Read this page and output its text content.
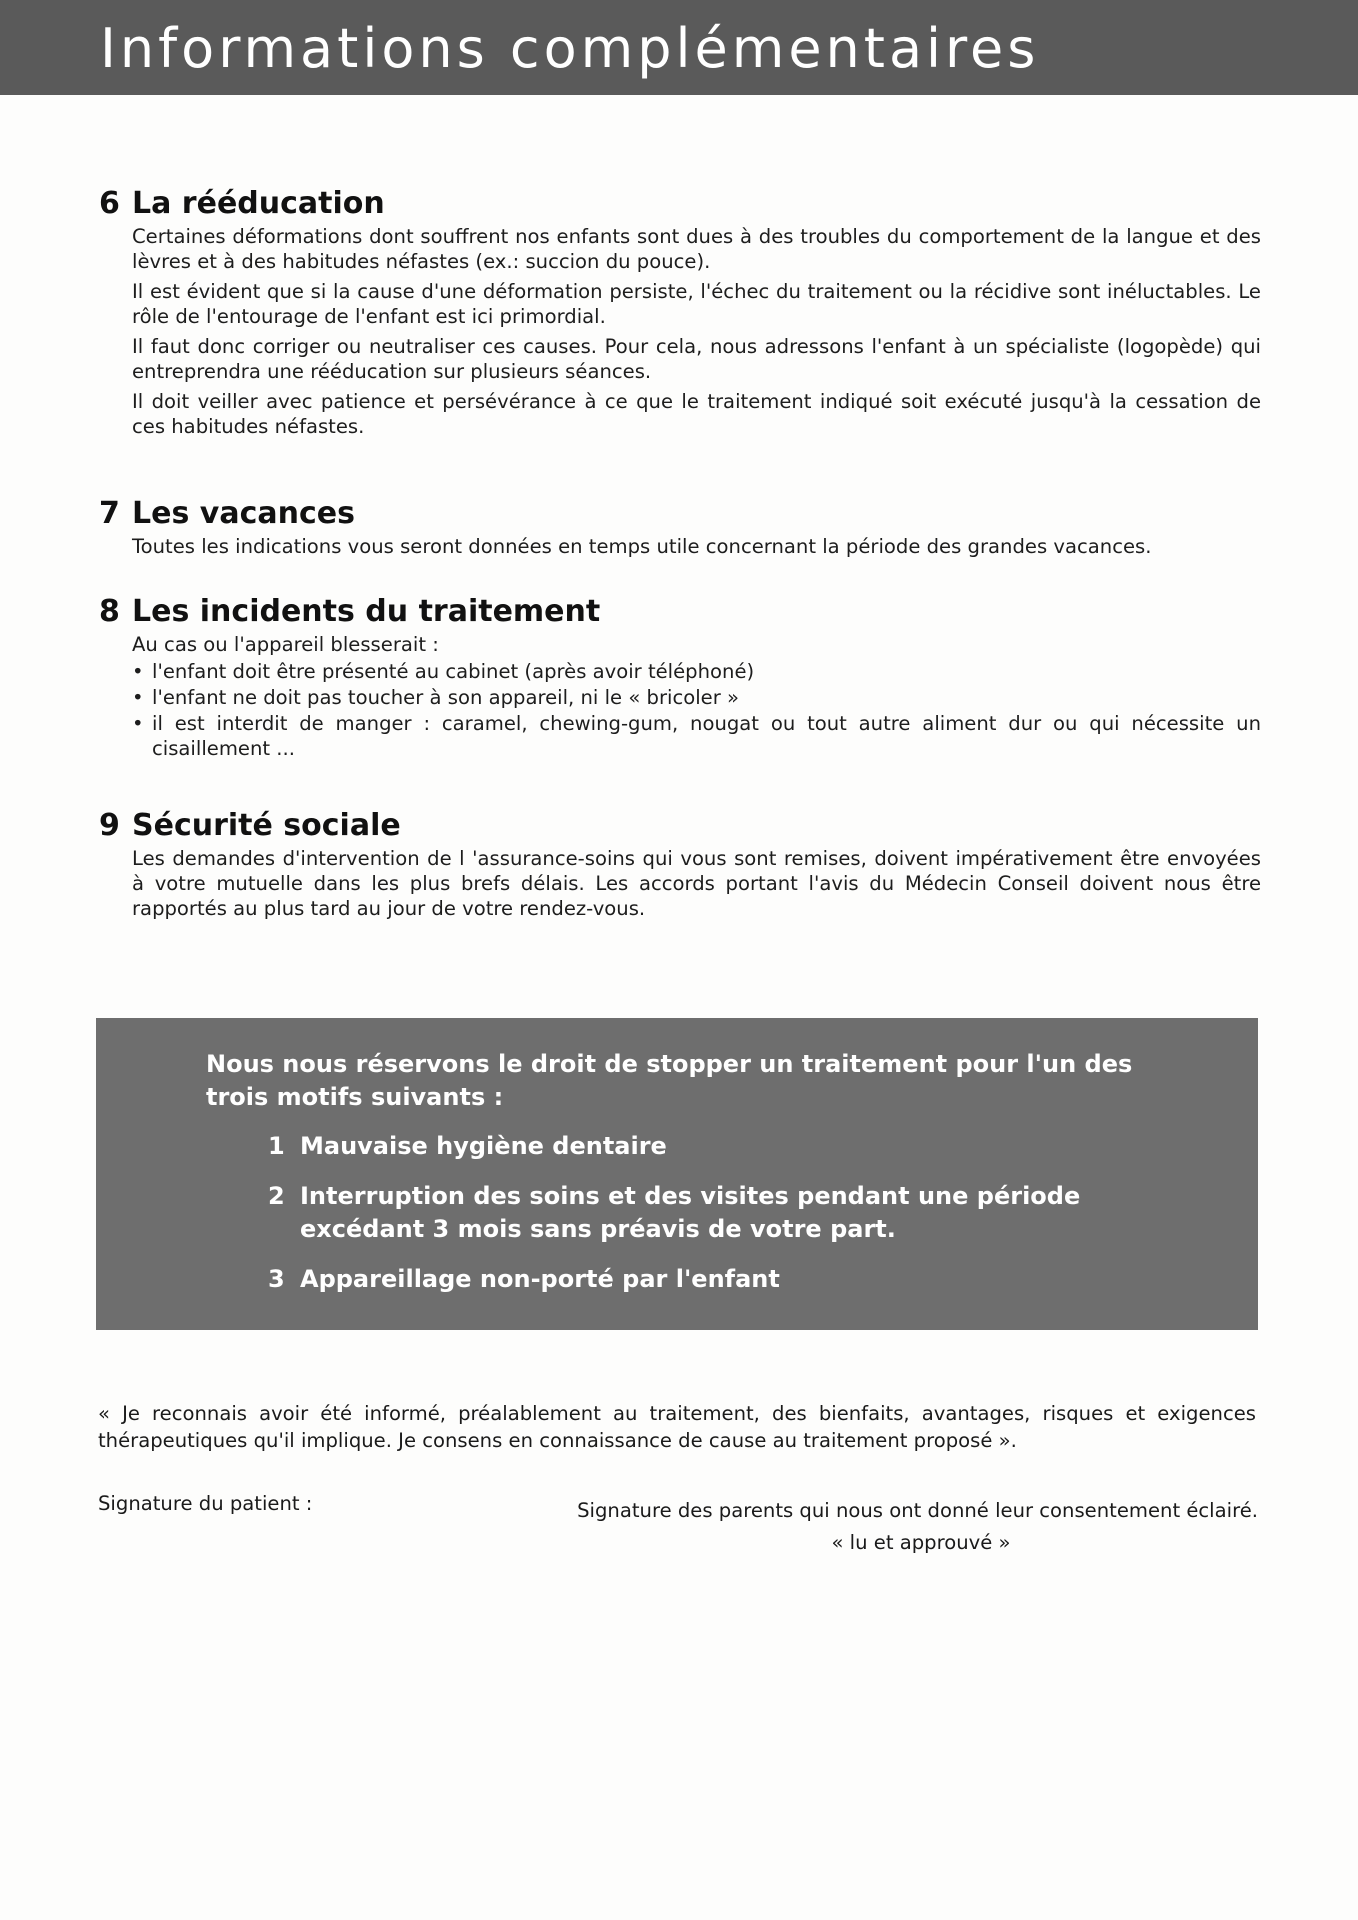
Informations complémentaires
6 La rééducation

Certaines déformations dont souffrent nos enfants sont dues à des troubles du comportement de la langue et des lèvres et à des habitudes néfastes (ex.: succion du pouce).

Il est évident que si la cause d'une déformation persiste, l'échec du traitement ou la récidive sont inéluctables. Le rôle de l'entourage de l'enfant est ici primordial.

Il faut donc corriger ou neutraliser ces causes. Pour cela, nous adressons l'enfant à un spécialiste (logopède) qui entreprendra une rééducation sur plusieurs séances.

Il doit veiller avec patience et persévérance à ce que le traitement indiqué soit exécuté jusqu'à la cessation de ces habitudes néfastes.

7 Les vacances

Toutes les indications vous seront données en temps utile concernant la période des grandes vacances.

8 Les incidents du traitement

Au cas ou l'appareil blesserait :

• l'enfant doit être présenté au cabinet (après avoir téléphoné)
• l'enfant ne doit pas toucher à son appareil, ni le « bricoler »
• il est interdit de manger : caramel, chewing-gum, nougat ou tout autre aliment dur ou qui nécessite un cisaillement ...
9 Sécurité sociale

Les demandes d'intervention de l 'assurance-soins qui vous sont remises, doivent impérativement être envoyées à votre mutuelle dans les plus brefs délais. Les accords portant l'avis du Médecin Conseil doivent nous être rapportés au plus tard au jour de votre rendez-vous.

Nous nous réservons le droit de stopper un traitement pour l'un des trois motifs suivants :
1 Mauvaise hygiène dentaire
2 Interruption des soins et des visites pendant une période excédant 3 mois sans préavis de votre part.
3 Appareillage non-porté par l'enfant
« Je reconnais avoir été informé, préalablement au traitement, des bienfaits, avantages, risques et exigences thérapeutiques qu'il implique. Je consens en connaissance de cause au traitement proposé ».
Signature du patient :	Signature des parents qui nous ont donné leur consentement éclairé.
« lu et approuvé »
